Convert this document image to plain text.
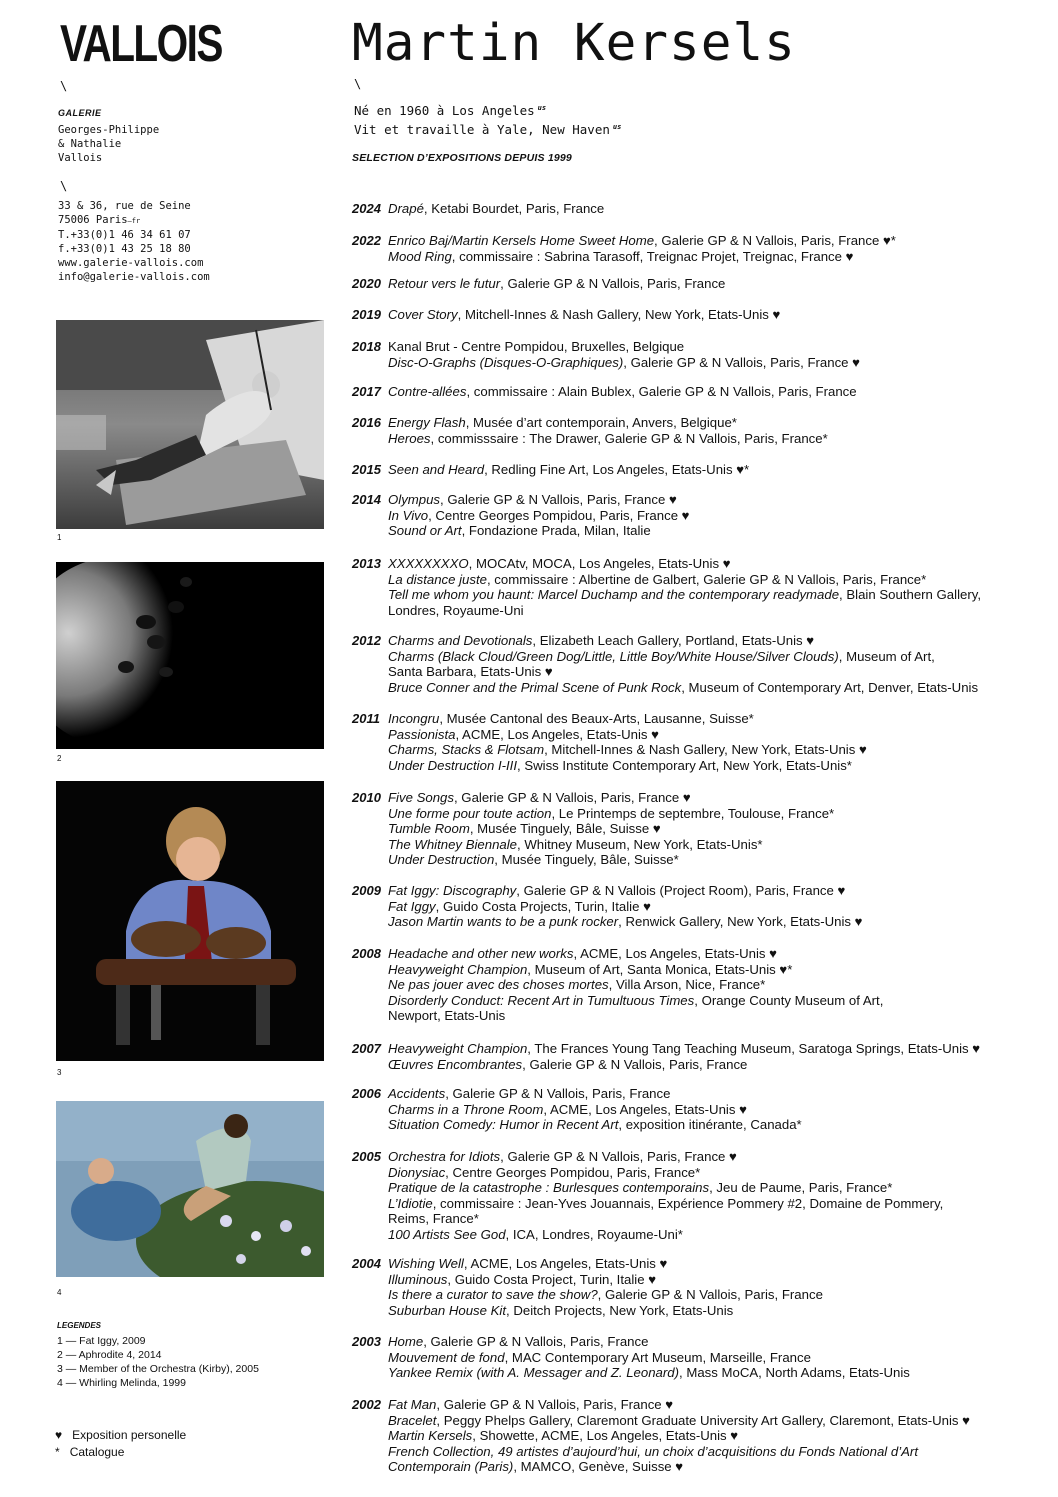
VALLOIS
\
GALERIE
Georges-Philippe
& Nathalie
Vallois
\
33 & 36, rue de Seine
75006 Paris—fr
T.+33(0)1 46 34 61 07
f.+33(0)1 43 25 18 80
www.galerie-vallois.com
info@galerie-vallois.com
1
2
3
4
LEGENDES
1 — Fat Iggy, 2009
2 — Aphrodite 4, 2014
3 — Member of the Orchestra (Kirby), 2005
4 — Whirling Melinda, 1999
♥ Exposition personelle
* Catalogue
Martin Kersels
\
Né en 1960 à Los Angeles $^{us}$
Vit et travaille à Yale, New Haven $^{us}$
SELECTION D’EXPOSITIONS DEPUIS 1999
2024 Drapé, Ketabi Bourdet, Paris, France
2022 Enrico Baj/Martin Kersels Home Sweet Home, Galerie GP & N Vallois, Paris, France ♥*
Mood Ring, commissaire : Sabrina Tarasoff, Treignac Projet, Treignac, France ♥
2020 Retour vers le futur, Galerie GP & N Vallois, Paris, France
2019 Cover Story, Mitchell-Innes & Nash Gallery, New York, Etats-Unis ♥
2018 Kanal Brut - Centre Pompidou, Bruxelles, Belgique
Disc-O-Graphs (Disques-O-Graphiques), Galerie GP & N Vallois, Paris, France ♥
2017 Contre-allées, commissaire : Alain Bublex, Galerie GP & N Vallois, Paris, France
2016 Energy Flash, Musée d’art contemporain, Anvers, Belgique*
Heroes, commisssaire : The Drawer, Galerie GP & N Vallois, Paris, France*
2015 Seen and Heard, Redling Fine Art, Los Angeles, Etats-Unis ♥*
2014 Olympus, Galerie GP & N Vallois, Paris, France ♥
In Vivo, Centre Georges Pompidou, Paris, France ♥
Sound or Art, Fondazione Prada, Milan, Italie
2013 XXXXXXXXO, MOCAtv, MOCA, Los Angeles, Etats-Unis ♥
La distance juste, commissaire : Albertine de Galbert, Galerie GP & N Vallois, Paris, France*
Tell me whom you haunt: Marcel Duchamp and the contemporary readymade, Blain Southern Gallery,
Londres, Royaume-Uni
2012 Charms and Devotionals, Elizabeth Leach Gallery, Portland, Etats-Unis ♥
Charms (Black Cloud/Green Dog/Little, Little Boy/White House/Silver Clouds), Museum of Art,
Santa Barbara, Etats-Unis ♥
Bruce Conner and the Primal Scene of Punk Rock, Museum of Contemporary Art, Denver, Etats-Unis
2011 Incongru, Musée Cantonal des Beaux-Arts, Lausanne, Suisse*
Passionista, ACME, Los Angeles, Etats-Unis ♥
Charms, Stacks & Flotsam, Mitchell-Innes & Nash Gallery, New York, Etats-Unis ♥
Under Destruction I-III, Swiss Institute Contemporary Art, New York, Etats-Unis*
2010 Five Songs, Galerie GP & N Vallois, Paris, France ♥
Une forme pour toute action, Le Printemps de septembre, Toulouse, France*
Tumble Room, Musée Tinguely, Bâle, Suisse ♥
The Whitney Biennale, Whitney Museum, New York, Etats-Unis*
Under Destruction, Musée Tinguely, Bâle, Suisse*
2009 Fat Iggy: Discography, Galerie GP & N Vallois (Project Room), Paris, France ♥
Fat Iggy, Guido Costa Projects, Turin, Italie ♥
Jason Martin wants to be a punk rocker, Renwick Gallery, New York, Etats-Unis ♥
2008 Headache and other new works, ACME, Los Angeles, Etats-Unis ♥
Heavyweight Champion, Museum of Art, Santa Monica, Etats-Unis ♥*
Ne pas jouer avec des choses mortes, Villa Arson, Nice, France*
Disorderly Conduct: Recent Art in Tumultuous Times, Orange County Museum of Art,
Newport, Etats-Unis
2007 Heavyweight Champion, The Frances Young Tang Teaching Museum, Saratoga Springs, Etats-Unis ♥
Œuvres Encombrantes, Galerie GP & N Vallois, Paris, France
2006 Accidents, Galerie GP & N Vallois, Paris, France
Charms in a Throne Room, ACME, Los Angeles, Etats-Unis ♥
Situation Comedy: Humor in Recent Art, exposition itinérante, Canada*
2005 Orchestra for Idiots, Galerie GP & N Vallois, Paris, France ♥
Dionysiac, Centre Georges Pompidou, Paris, France*
Pratique de la catastrophe : Burlesques contemporains, Jeu de Paume, Paris, France*
L’Idiotie, commissaire : Jean-Yves Jouannais, Expérience Pommery #2, Domaine de Pommery,
Reims, France*
100 Artists See God, ICA, Londres, Royaume-Uni*
2004 Wishing Well, ACME, Los Angeles, Etats-Unis ♥
Illuminous, Guido Costa Project, Turin, Italie ♥
Is there a curator to save the show?, Galerie GP & N Vallois, Paris, France
Suburban House Kit, Deitch Projects, New York, Etats-Unis
2003 Home, Galerie GP & N Vallois, Paris, France
Mouvement de fond, MAC Contemporary Art Museum, Marseille, France
Yankee Remix (with A. Messager and Z. Leonard), Mass MoCA, North Adams, Etats-Unis
2002 Fat Man, Galerie GP & N Vallois, Paris, France ♥
Bracelet, Peggy Phelps Gallery, Claremont Graduate University Art Gallery, Claremont, Etats-Unis ♥
Martin Kersels, Showette, ACME, Los Angeles, Etats-Unis ♥
French Collection, 49 artistes d’aujourd’hui, un choix d’acquisitions du Fonds National d’Art
Contemporain (Paris), MAMCO, Genève, Suisse ♥
